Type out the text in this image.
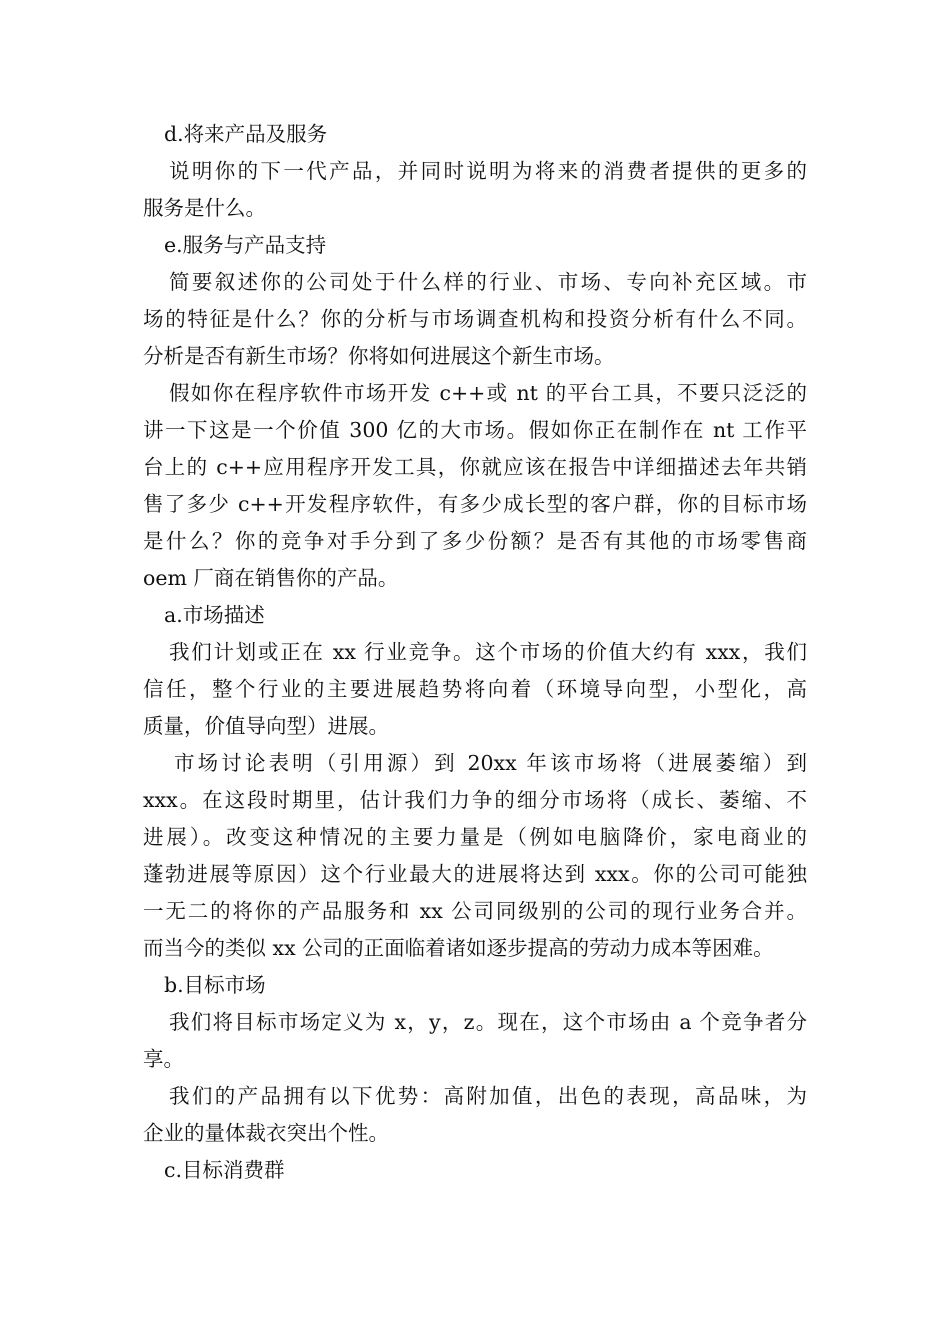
d.将来产品及服务
说明你的下一代产品，并同时说明为将来的消费者提供的更多的
服务是什么。
e.服务与产品支持
简要叙述你的公司处于什么样的行业、市场、专向补充区域。市
场的特征是什么？你的分析与市场调查机构和投资分析有什么不同。
分析是否有新生市场？你将如何进展这个新生市场。
假如你在程序软件市场开发 c++或 nt 的平台工具，不要只泛泛的
讲一下这是一个价值 300 亿的大市场。假如你正在制作在 nt 工作平
台上的 c++应用程序开发工具，你就应该在报告中详细描述去年共销
售了多少 c++开发程序软件，有多少成长型的客户群，你的目标市场
是什么？你的竞争对手分到了多少份额？是否有其他的市场零售商
oem 厂商在销售你的产品。
a.市场描述
我们计划或正在 xx 行业竞争。这个市场的价值大约有 xxx，我们
信任，整个行业的主要进展趋势将向着（环境导向型，小型化，高
质量，价值导向型）进展。
市场讨论表明（引用源）到 20xx 年该市场将（进展萎缩）到
xxx。在这段时期里，估计我们力争的细分市场将（成长、萎缩、不
进展）。改变这种情况的主要力量是（例如电脑降价，家电商业的
蓬勃进展等原因）这个行业最大的进展将达到 xxx。你的公司可能独
一无二的将你的产品服务和 xx 公司同级别的公司的现行业务合并。
而当今的类似 xx 公司的正面临着诸如逐步提高的劳动力成本等困难。
b.目标市场
我们将目标市场定义为 x，y，z。现在，这个市场由 a 个竞争者分
享。
我们的产品拥有以下优势：高附加值，出色的表现，高品味，为
企业的量体裁衣突出个性。
c.目标消费群
